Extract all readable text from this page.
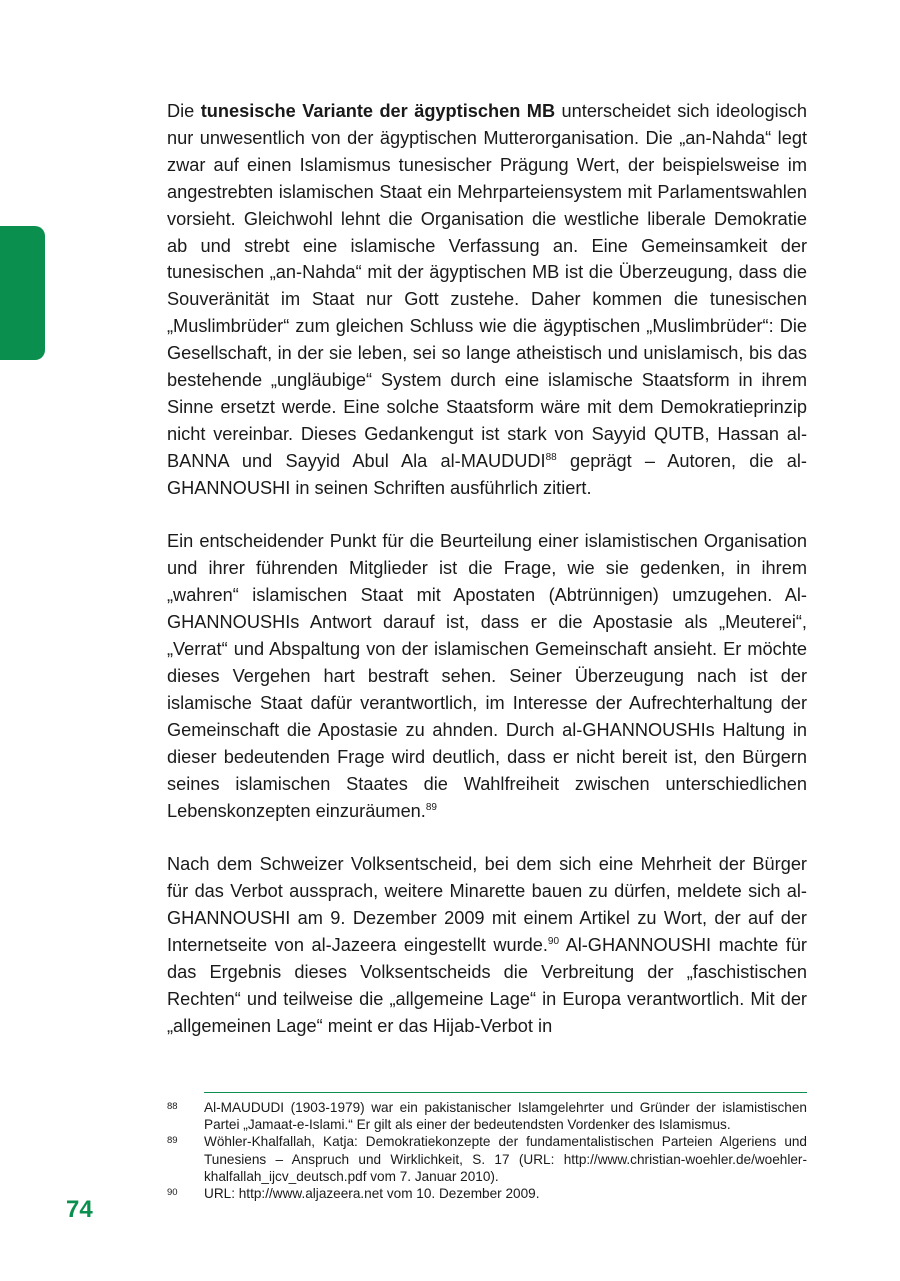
Die tunesische Variante der ägyptischen MB unterscheidet sich ideologisch nur unwesentlich von der ägyptischen Mutterorganisation. Die „an-Nahda“ legt zwar auf einen Islamismus tunesischer Prägung Wert, der beispielsweise im angestrebten islamischen Staat ein Mehrparteiensystem mit Parlamentswahlen vorsieht. Gleichwohl lehnt die Organisation die westliche liberale Demokratie ab und strebt eine islamische Verfassung an. Eine Gemeinsamkeit der tunesischen „an-Nahda“ mit der ägyptischen MB ist die Überzeugung, dass die Souveränität im Staat nur Gott zustehe. Daher kommen die tunesischen „Muslimbrüder“ zum gleichen Schluss wie die ägyptischen „Muslimbrüder“: Die Gesellschaft, in der sie leben, sei so lange atheistisch und unislamisch, bis das bestehende „ungläubige“ System durch eine islamische Staatsform in ihrem Sinne ersetzt werde. Eine solche Staatsform wäre mit dem Demokratieprinzip nicht vereinbar. Dieses Gedankengut ist stark von Sayyid QUTB, Hassan al-BANNA und Sayyid Abul Ala al-MAUDUDI$^{88}$ geprägt – Autoren, die al-GHANNOUSHI in seinen Schriften ausführlich zitiert.

Ein entscheidender Punkt für die Beurteilung einer islamistischen Organisation und ihrer führenden Mitglieder ist die Frage, wie sie gedenken, in ihrem „wahren“ islamischen Staat mit Apostaten (Abtrünnigen) umzugehen. Al-GHANNOUSHIs Antwort darauf ist, dass er die Apostasie als „Meuterei“, „Verrat“ und Abspaltung von der islamischen Gemeinschaft ansieht. Er möchte dieses Vergehen hart bestraft sehen. Seiner Überzeugung nach ist der islamische Staat dafür verantwortlich, im Interesse der Aufrechterhaltung der Gemeinschaft die Apostasie zu ahnden. Durch al-GHANNOUSHIs Haltung in dieser bedeutenden Frage wird deutlich, dass er nicht bereit ist, den Bürgern seines islamischen Staates die Wahlfreiheit zwischen unterschiedlichen Lebenskonzepten einzuräumen.$^{89}$

Nach dem Schweizer Volksentscheid, bei dem sich eine Mehrheit der Bürger für das Verbot aussprach, weitere Minarette bauen zu dürfen, meldete sich al-GHANNOUSHI am 9. Dezember 2009 mit einem Artikel zu Wort, der auf der Internetseite von al-Jazeera eingestellt wurde.$^{90}$ Al-GHANNOUSHI machte für das Ergebnis dieses Volksentscheids die Verbreitung der „faschistischen Rechten“ und teilweise die „allgemeine Lage“ in Europa verantwortlich. Mit der „allgemeinen Lage“ meint er das Hijab-Verbot in

88 Al-MAUDUDI (1903-1979) war ein pakistanischer Islamgelehrter und Gründer der islamistischen Partei „Jamaat-e-Islami.“ Er gilt als einer der bedeutendsten Vordenker des Islamismus.
89 Wöhler-Khalfallah, Katja: Demokratiekonzepte der fundamentalistischen Parteien Algeriens und Tunesiens – Anspruch und Wirklichkeit, S. 17 (URL: http://www.christian-woehler.de/woehler-khalfallah_ijcv_deutsch.pdf vom 7. Januar 2010).
90 URL: http://www.aljazeera.net vom 10. Dezember 2009.
74
